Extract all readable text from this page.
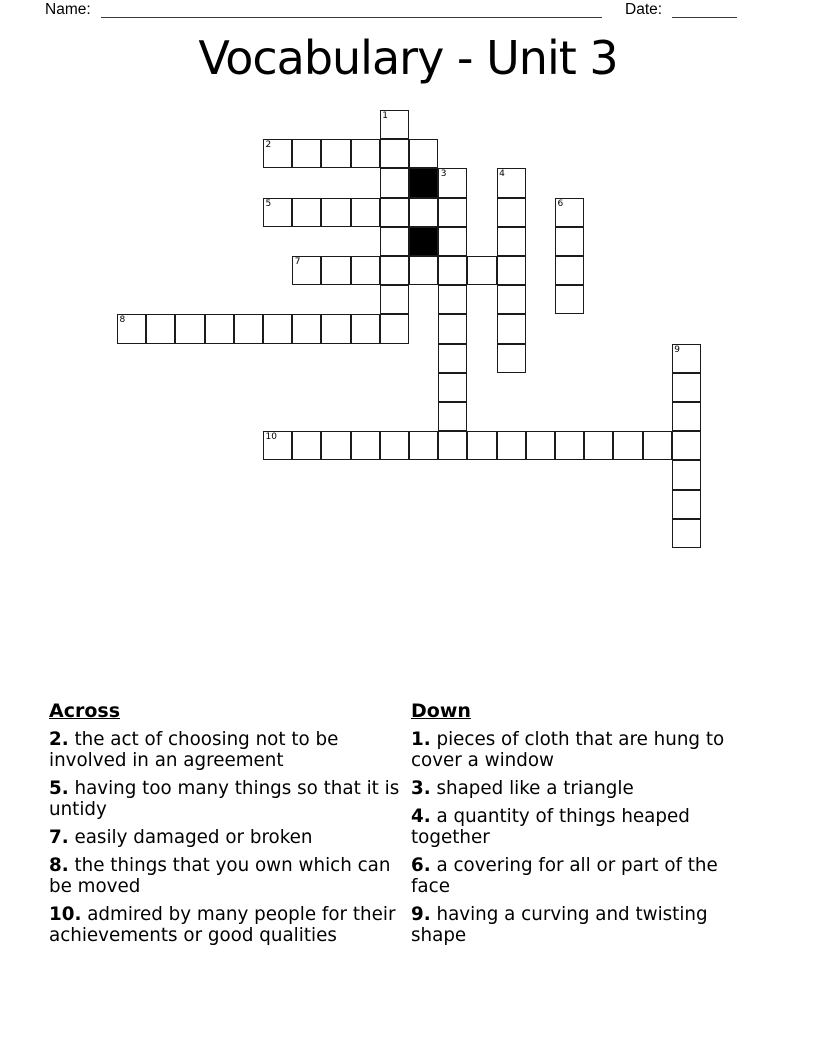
Name:	Date:
Vocabulary - Unit 3
1
2
3	4
5	6
7
8
9
10
Across

2. the act of choosing not to be involved in an agreement

5. having too many things so that it is untidy

7. easily damaged or broken

8. the things that you own which can be moved

10. admired by many people for their achievements or good qualities

Down

1. pieces of cloth that are hung to cover a window

3. shaped like a triangle

4. a quantity of things heaped together

6. a covering for all or part of the face

9. having a curving and twisting shape
